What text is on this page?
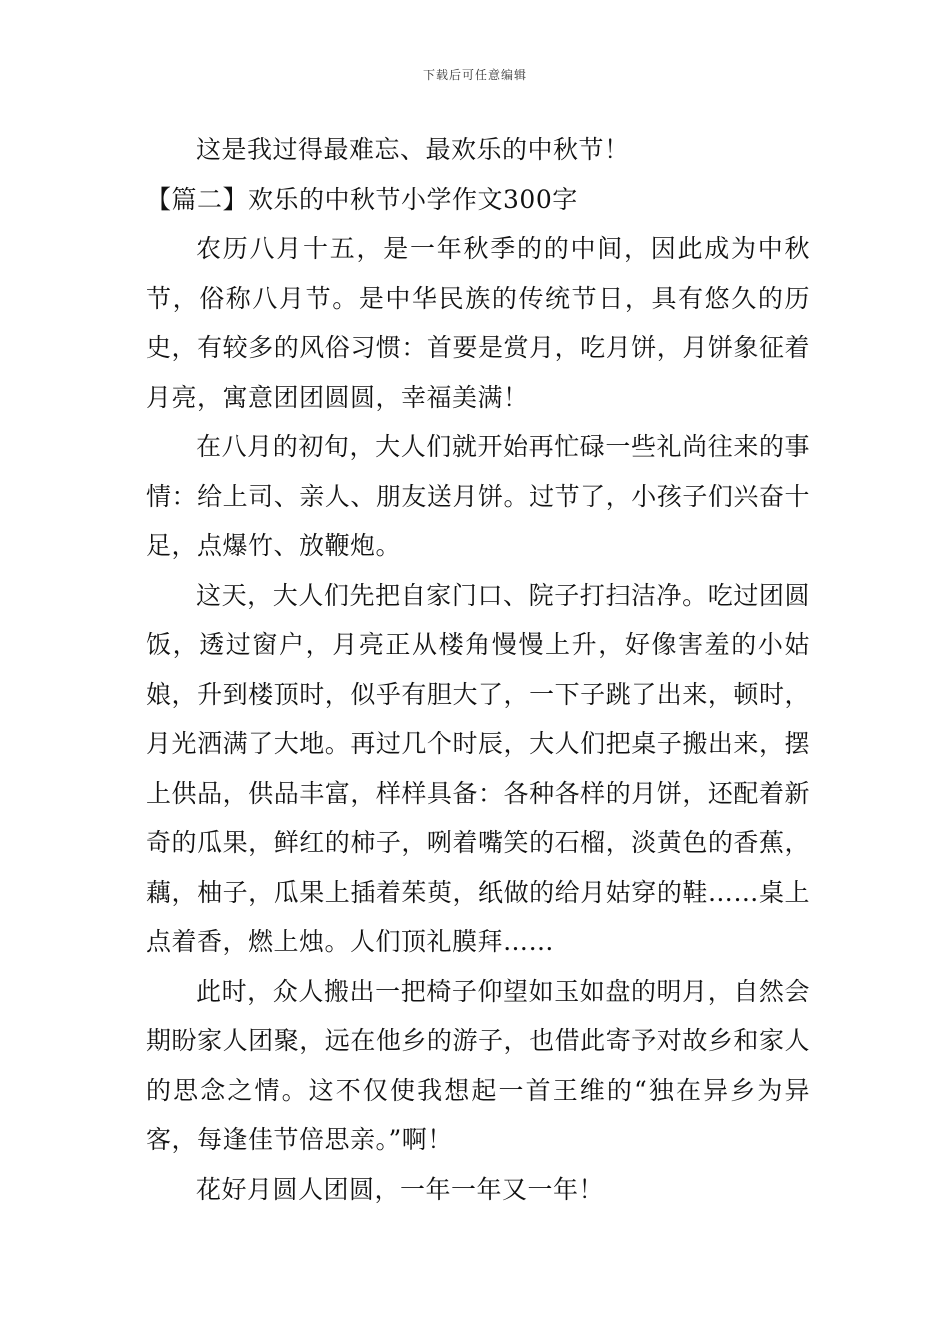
下载后可任意编辑

这是我过得最难忘、最欢乐的中秋节！

【篇二】欢乐的中秋节小学作文300字

农历八月十五，是一年秋季的的中间，因此成为中秋节，俗称八月节。是中华民族的传统节日，具有悠久的历史，有较多的风俗习惯：首要是赏月，吃月饼，月饼象征着月亮，寓意团团圆圆，幸福美满！

在八月的初旬，大人们就开始再忙碌一些礼尚往来的事情：给上司、亲人、朋友送月饼。过节了，小孩子们兴奋十足，点爆竹、放鞭炮。

这天，大人们先把自家门口、院子打扫洁净。吃过团圆饭，透过窗户，月亮正从楼角慢慢上升，好像害羞的小姑娘，升到楼顶时，似乎有胆大了，一下子跳了出来，顿时，月光洒满了大地。再过几个时辰，大人们把桌子搬出来，摆上供品，供品丰富，样样具备：各种各样的月饼，还配着新奇的瓜果，鲜红的柿子，咧着嘴笑的石榴，淡黄色的香蕉，藕，柚子，瓜果上插着茱萸，纸做的给月姑穿的鞋……桌上点着香，燃上烛。人们顶礼膜拜……

此时，众人搬出一把椅子仰望如玉如盘的明月，自然会期盼家人团聚，远在他乡的游子，也借此寄予对故乡和家人的思念之情。这不仅使我想起一首王维的“独在异乡为异客，每逢佳节倍思亲。”啊！

花好月圆人团圆，一年一年又一年！
